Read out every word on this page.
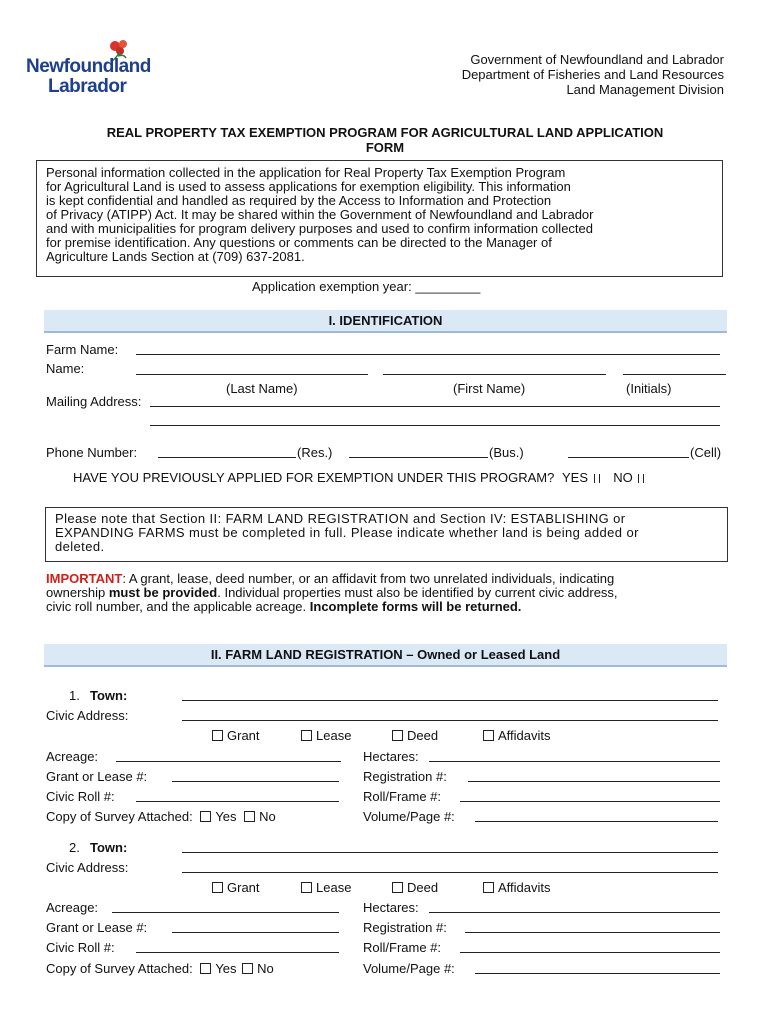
Newfoundland
Labrador
Government of Newfoundland and Labrador
Department of Fisheries and Land Resources
Land Management Division
REAL PROPERTY TAX EXEMPTION PROGRAM FOR AGRICULTURAL LAND APPLICATION
FORM
Personal information collected in the application for Real Property Tax Exemption Program
for Agricultural Land is used to assess applications for exemption eligibility. This information
is kept confidential and handled as required by the Access to Information and Protection
of Privacy (ATIPP) Act. It may be shared within the Government of Newfoundland and Labrador
and with municipalities for program delivery purposes and used to confirm information collected
for premise identification. Any questions or comments can be directed to the Manager of
Agriculture Lands Section at (709) 637-2081.
Application exemption year: _________
I. IDENTIFICATION
Farm Name:
Name:
(Last Name)	(First Name)	(Initials)
Mailing Address:
Phone Number:	(Res.)	(Bus.)	(Cell)
HAVE YOU PREVIOUSLY APPLIED FOR EXEMPTION UNDER THIS PROGRAM? YES NO
Please note that Section II: FARM LAND REGISTRATION and Section IV: ESTABLISHING or
EXPANDING FARMS must be completed in full. Please indicate whether land is being added or
deleted.
IMPORTANT: A grant, lease, deed number, or an affidavit from two unrelated individuals, indicating
ownership must be provided. Individual properties must also be identified by current civic address,
civic roll number, and the applicable acreage. Incomplete forms will be returned.
II. FARM LAND REGISTRATION – Owned or Leased Land
1. Town:
Civic Address:
Grant	Lease	Deed	Affidavits
Acreage:	Hectares:
Grant or Lease #:	Registration #:
Civic Roll #:	Roll/Frame #:
Copy of Survey Attached: Yes No	Volume/Page #:
2. Town:
Civic Address:
Grant	Lease	Deed	Affidavits
Acreage:	Hectares:
Grant or Lease #:	Registration #:
Civic Roll #:	Roll/Frame #:
Copy of Survey Attached: Yes No	Volume/Page #:
